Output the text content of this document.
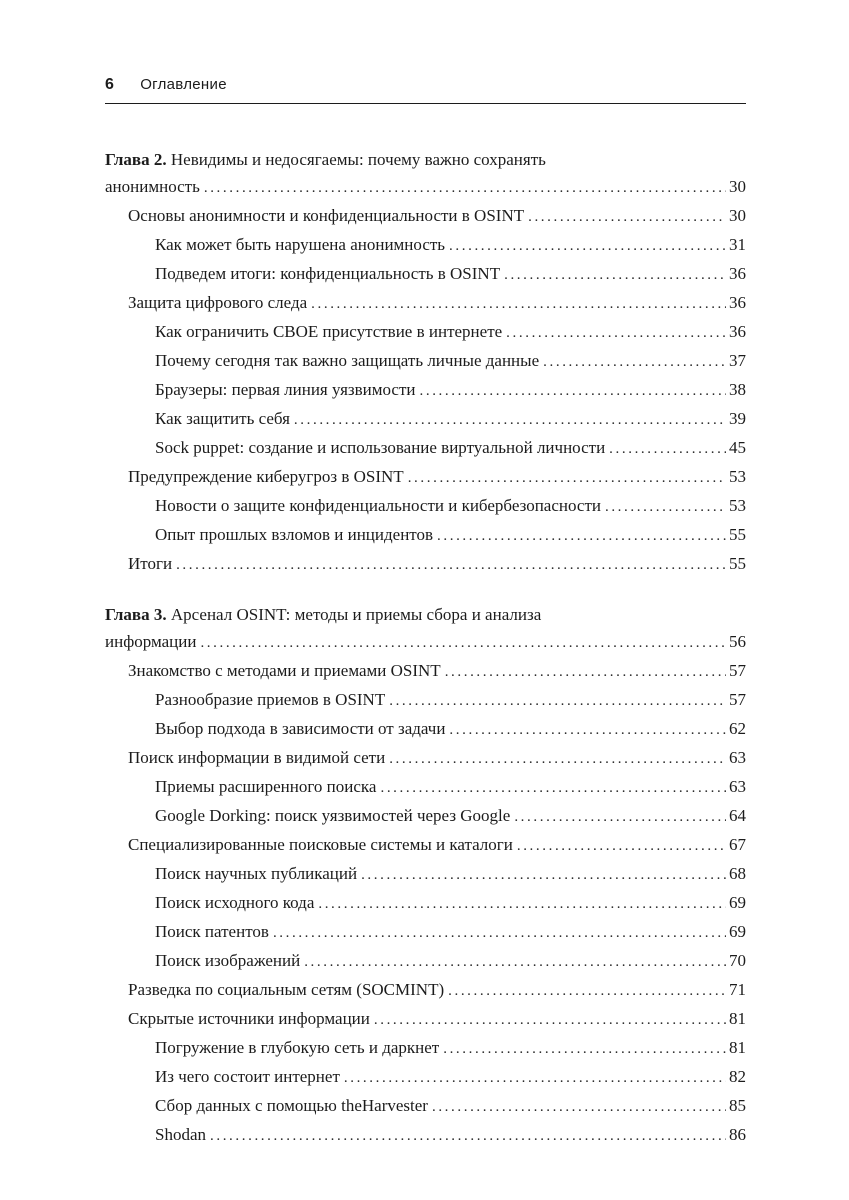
6 Оглавление
Глава 2. Невидимы и недосягаемы: почему важно сохранять
анонимность .....	30
Основы анонимности и конфиденциальности в OSINT .....	30
Как может быть нарушена анонимность .....	31
Подведем итоги: конфиденциальность в OSINT .....	36
Защита цифрового следа .....	36
Как ограничить СВОЕ присутствие в интернете .....	36
Почему сегодня так важно защищать личные данные .....	37
Браузеры: первая линия уязвимости .....	38
Как защитить себя .....	39
Sock puppet: создание и использование виртуальной личности .....	45
Предупреждение киберугроз в OSINT .....	53
Новости о защите конфиденциальности и кибербезопасности .....	53
Опыт прошлых взломов и инцидентов .....	55
Итоги .....	55
Глава 3. Арсенал OSINT: методы и приемы сбора и анализа
информации .....	56
Знакомство с методами и приемами OSINT .....	57
Разнообразие приемов в OSINT .....	57
Выбор подхода в зависимости от задачи .....	62
Поиск информации в видимой сети .....	63
Приемы расширенного поиска .....	63
Google Dorking: поиск уязвимостей через Google .....	64
Специализированные поисковые системы и каталоги .....	67
Поиск научных публикаций .....	68
Поиск исходного кода .....	69
Поиск патентов .....	69
Поиск изображений .....	70
Разведка по социальным сетям (SOCMINT) .....	71
Скрытые источники информации .....	81
Погружение в глубокую сеть и даркнет .....	81
Из чего состоит интернет .....	82
Сбор данных с помощью theHarvester .....	85
Shodan .....	86
